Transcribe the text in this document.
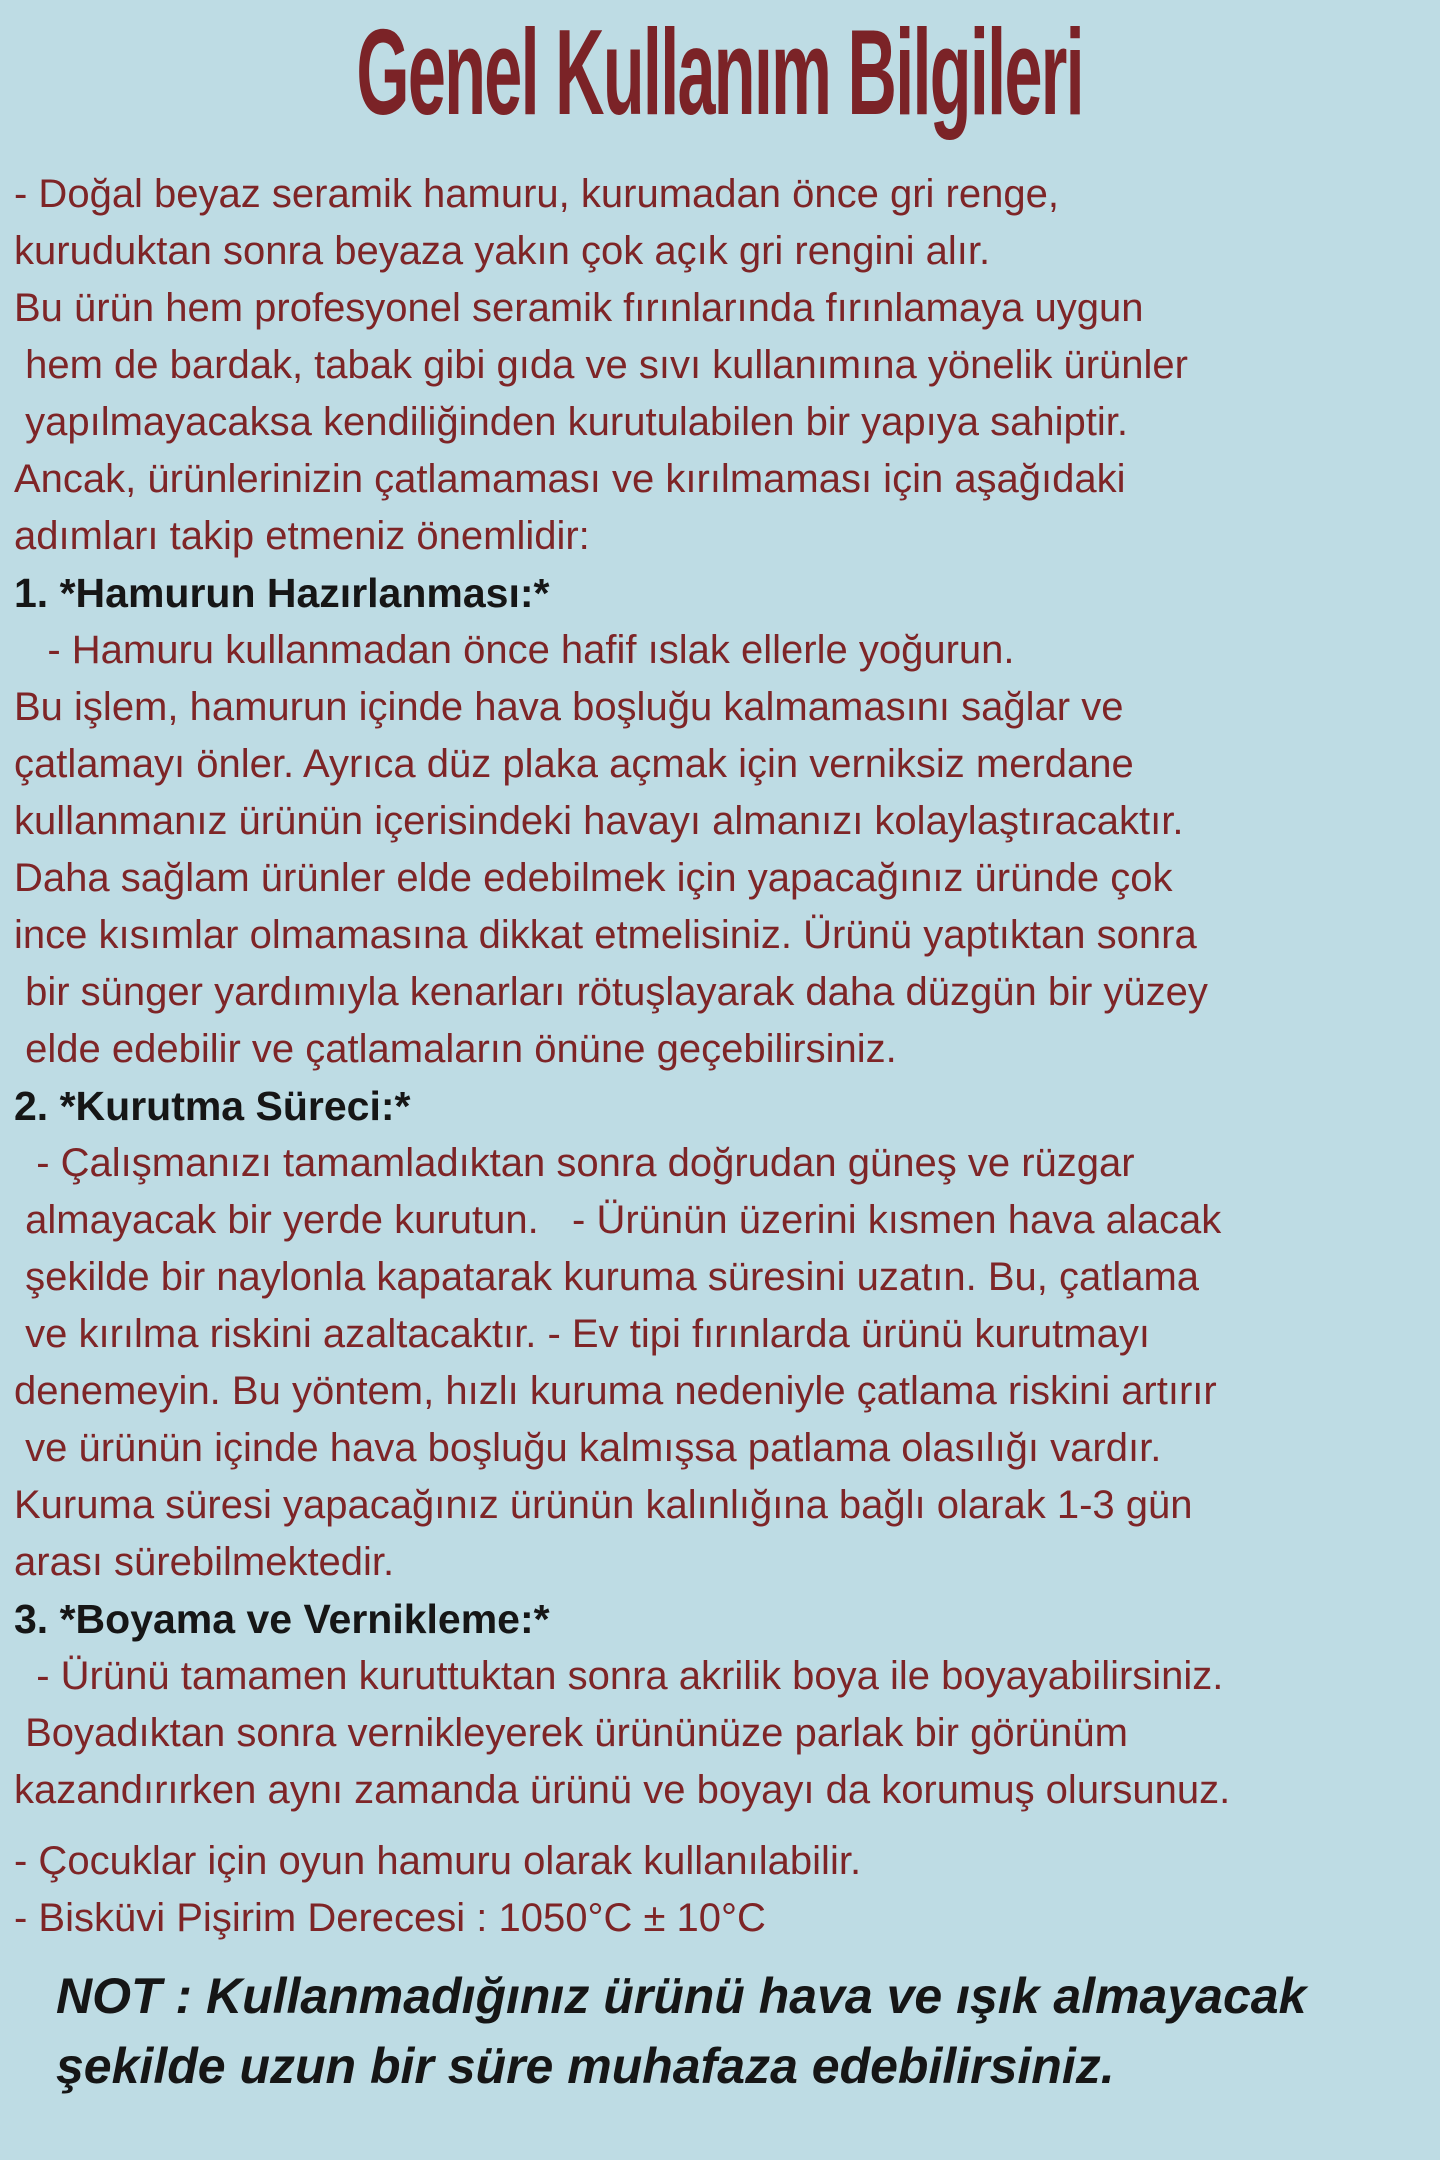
Genel Kullanım Bilgileri
- Doğal beyaz seramik hamuru, kurumadan önce gri renge,
kuruduktan sonra beyaza yakın çok açık gri rengini alır.
Bu ürün hem profesyonel seramik fırınlarında fırınlamaya uygun
hem de bardak, tabak gibi gıda ve sıvı kullanımına yönelik ürünler
yapılmayacaksa kendiliğinden kurutulabilen bir yapıya sahiptir.
Ancak, ürünlerinizin çatlamaması ve kırılmaması için aşağıdaki
adımları takip etmeniz önemlidir:
1. *Hamurun Hazırlanması:*
- Hamuru kullanmadan önce hafif ıslak ellerle yoğurun.
Bu işlem, hamurun içinde hava boşluğu kalmamasını sağlar ve
çatlamayı önler. Ayrıca düz plaka açmak için verniksiz merdane
kullanmanız ürünün içerisindeki havayı almanızı kolaylaştıracaktır.
Daha sağlam ürünler elde edebilmek için yapacağınız üründe çok
ince kısımlar olmamasına dikkat etmelisiniz. Ürünü yaptıktan sonra
bir sünger yardımıyla kenarları rötuşlayarak daha düzgün bir yüzey
elde edebilir ve çatlamaların önüne geçebilirsiniz.
2. *Kurutma Süreci:*
- Çalışmanızı tamamladıktan sonra doğrudan güneş ve rüzgar
almayacak bir yerde kurutun.   - Ürünün üzerini kısmen hava alacak
şekilde bir naylonla kapatarak kuruma süresini uzatın. Bu, çatlama
ve kırılma riskini azaltacaktır. - Ev tipi fırınlarda ürünü kurutmayı
denemeyin. Bu yöntem, hızlı kuruma nedeniyle çatlama riskini artırır
ve ürünün içinde hava boşluğu kalmışsa patlama olasılığı vardır.
Kuruma süresi yapacağınız ürünün kalınlığına bağlı olarak 1-3 gün
arası sürebilmektedir.
3. *Boyama ve Vernikleme:*
- Ürünü tamamen kuruttuktan sonra akrilik boya ile boyayabilirsiniz.
Boyadıktan sonra vernikleyerek ürününüze parlak bir görünüm
kazandırırken aynı zamanda ürünü ve boyayı da korumuş olursunuz.
- Çocuklar için oyun hamuru olarak kullanılabilir.
- Bisküvi Pişirim Derecesi : 1050°C ± 10°C
NOT : Kullanmadığınız ürünü hava ve ışık almayacak
şekilde uzun bir süre muhafaza edebilirsiniz.
